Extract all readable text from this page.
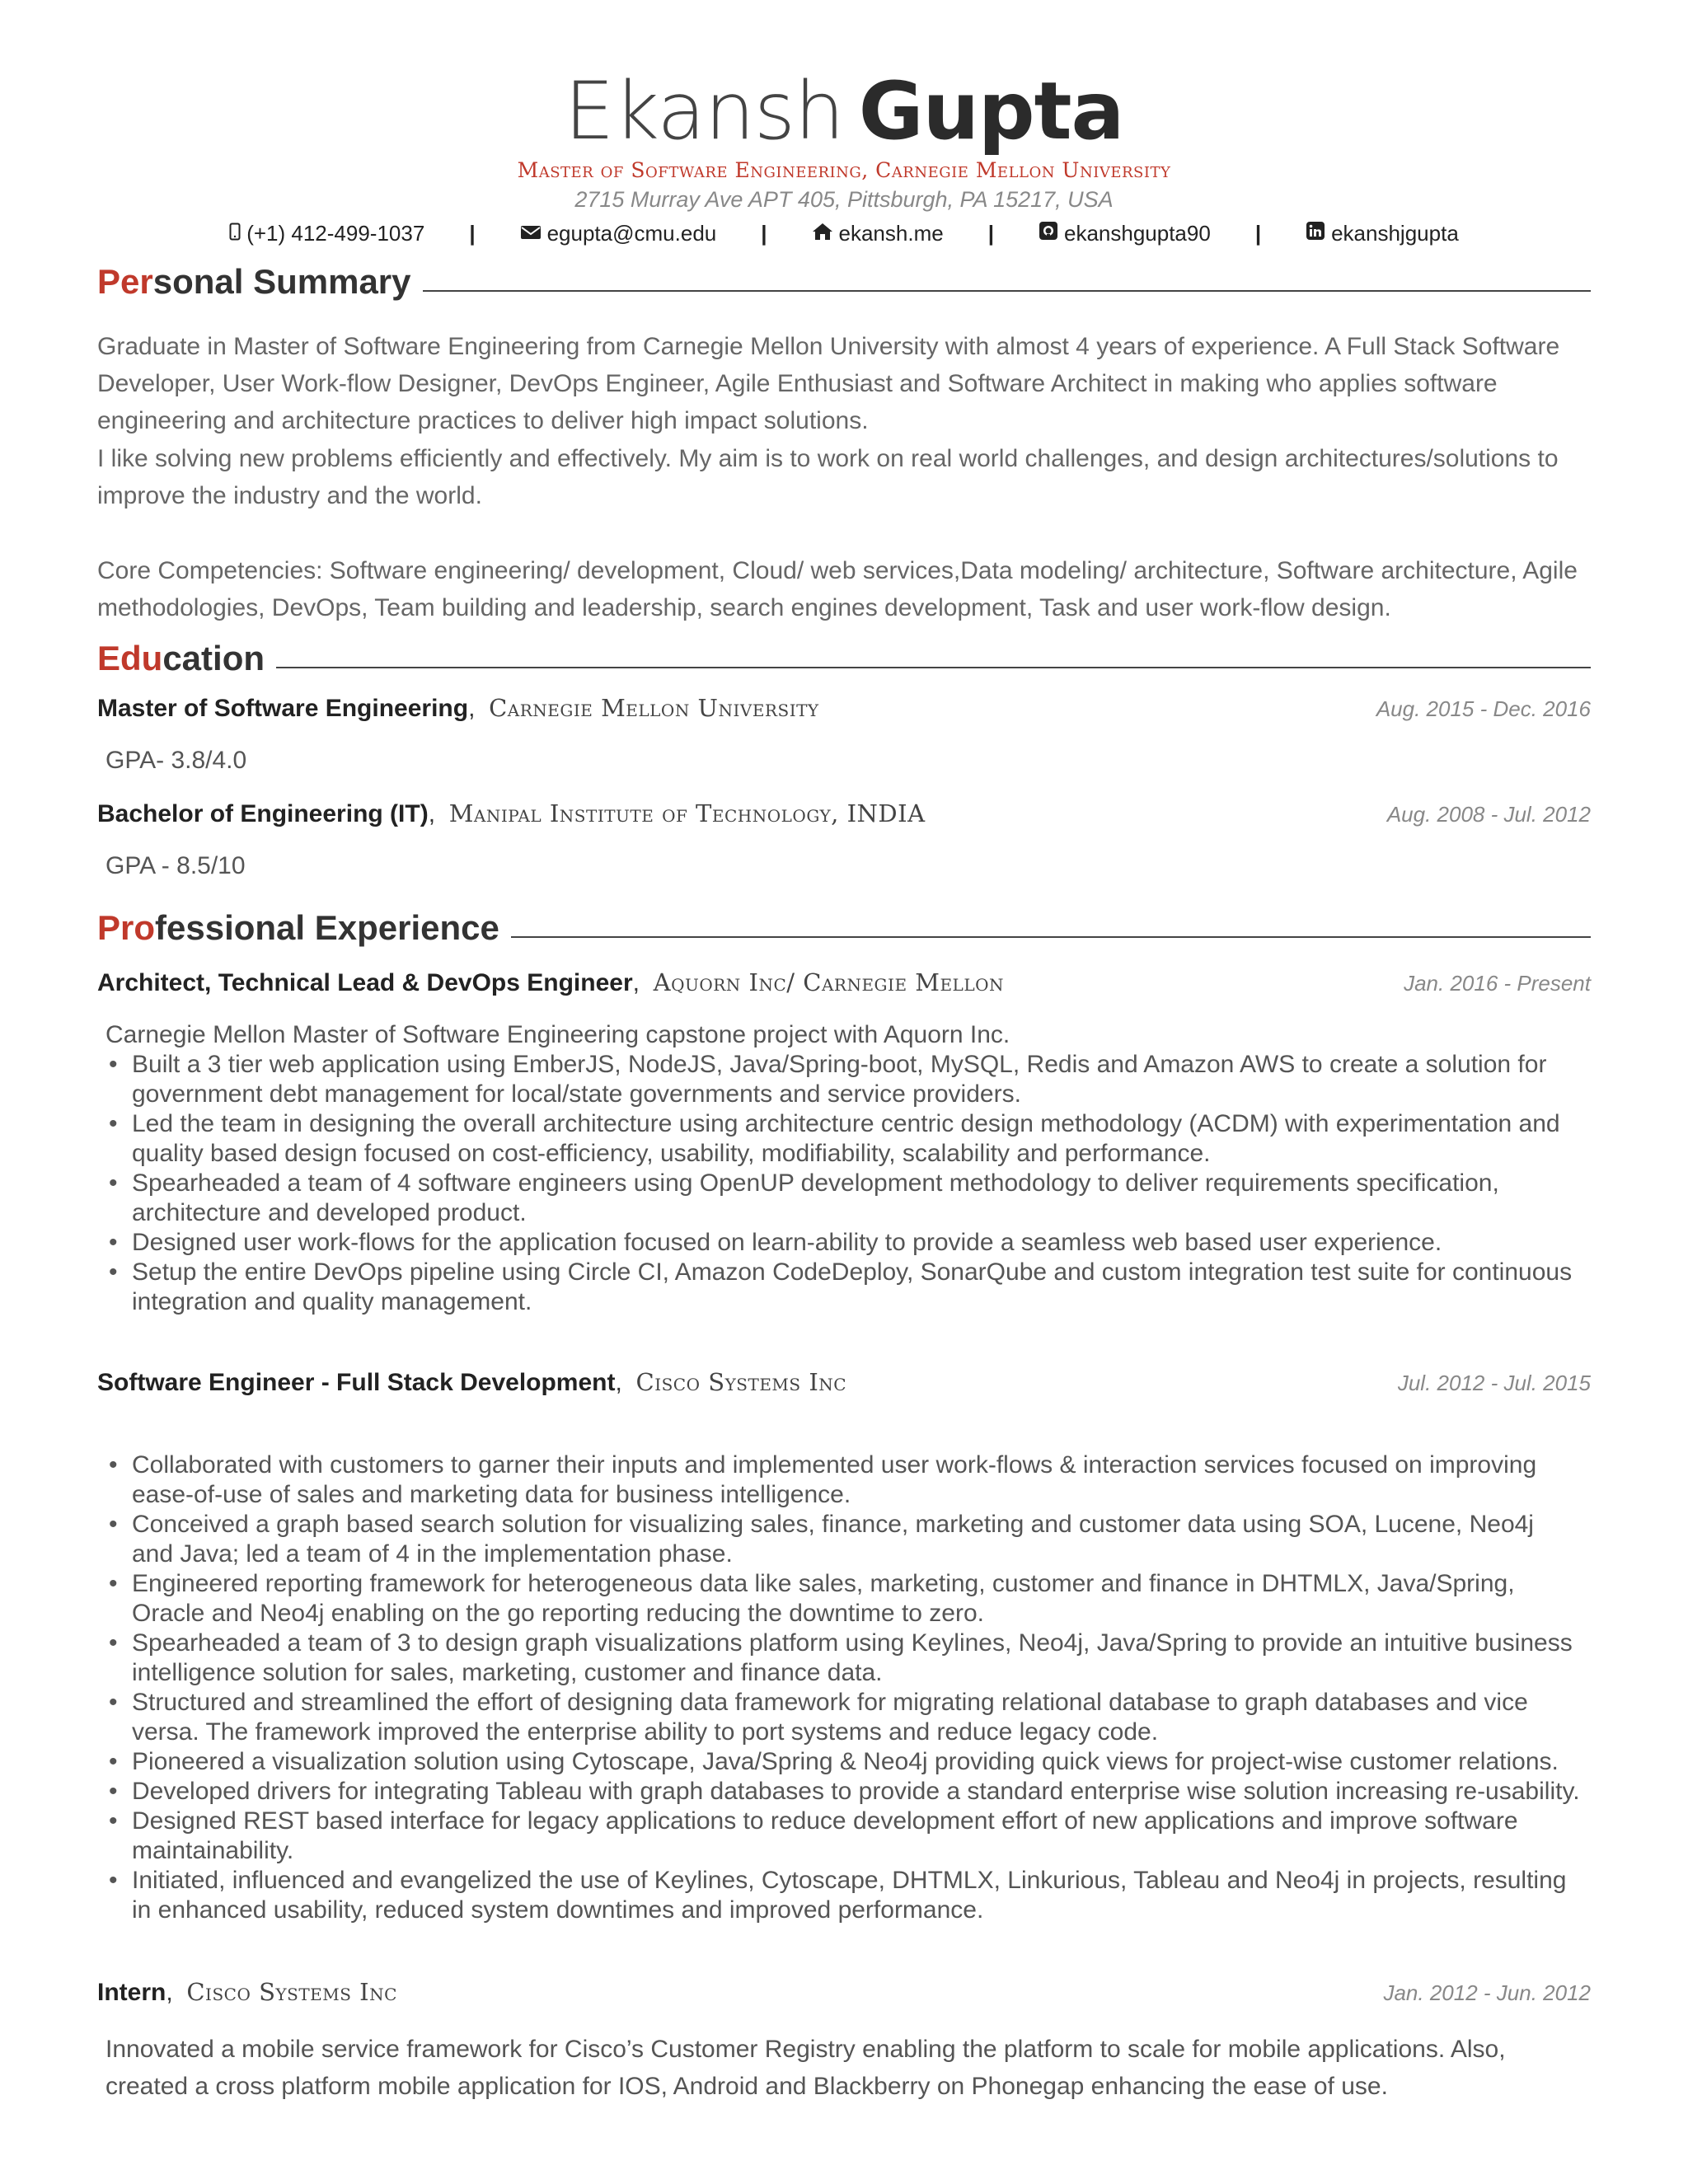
Ekansh Gupta
Master of Software Engineering, Carnegie Mellon University
2715 Murray Ave APT 405, Pittsburgh, PA 15217, USA
(+1) 412-499-1037 |	egupta@cmu.edu |	ekansh.me |	ekanshgupta90 |	ekanshjgupta
Per sonal Summary
Graduate in Master of Software Engineering from Carnegie Mellon University with almost 4 years of experience. A Full Stack Software Developer, User Work-flow Designer, DevOps Engineer, Agile Enthusiast and Software Architect in making who applies software engineering and architecture practices to deliver high impact solutions.
I like solving new problems efficiently and effectively. My aim is to work on real world challenges, and design architectures/solutions to improve the industry and the world.
Core Competencies: Software engineering/ development, Cloud/ web services,Data modeling/ architecture, Software architecture, Agile methodologies, DevOps, Team building and leadership, search engines development, Task and user work-flow design.
Edu cation
Master of Software Engineering,  Carnegie Mellon University	Aug. 2015 - Dec. 2016
GPA- 3.8/4.0
Bachelor of Engineering (IT),  Manipal Institute of Technology, INDIA	Aug. 2008 - Jul. 2012
GPA - 8.5/10
Pro fessional Experience
Architect, Technical Lead & DevOps Engineer,  Aquorn Inc/ Carnegie Mellon	Jan. 2016 - Present
Carnegie Mellon Master of Software Engineering capstone project with Aquorn Inc.
• Built a 3 tier web application using EmberJS, NodeJS, Java/Spring-boot, MySQL, Redis and Amazon AWS to create a solution for government debt management for local/state governments and service providers.
• Led the team in designing the overall architecture using architecture centric design methodology (ACDM) with experimentation and quality based design focused on cost-efficiency, usability, modifiability, scalability and performance.
• Spearheaded a team of 4 software engineers using OpenUP development methodology to deliver requirements specification, architecture and developed product.
• Designed user work-flows for the application focused on learn-ability to provide a seamless web based user experience.
• Setup the entire DevOps pipeline using Circle CI, Amazon CodeDeploy, SonarQube and custom integration test suite for continuous integration and quality management.
Software Engineer - Full Stack Development,  Cisco Systems Inc	Jul. 2012 - Jul. 2015
• Collaborated with customers to garner their inputs and implemented user work-flows & interaction services focused on improving ease-of-use of sales and marketing data for business intelligence.
• Conceived a graph based search solution for visualizing sales, finance, marketing and customer data using SOA, Lucene, Neo4j and Java; led a team of 4 in the implementation phase.
• Engineered reporting framework for heterogeneous data like sales, marketing, customer and finance in DHTMLX, Java/Spring, Oracle and Neo4j enabling on the go reporting reducing the downtime to zero.
• Spearheaded a team of 3 to design graph visualizations platform using Keylines, Neo4j, Java/Spring to provide an intuitive business intelligence solution for sales, marketing, customer and finance data.
• Structured and streamlined the effort of designing data framework for migrating relational database to graph databases and vice versa. The framework improved the enterprise ability to port systems and reduce legacy code.
• Pioneered a visualization solution using Cytoscape, Java/Spring & Neo4j providing quick views for project-wise customer relations.
• Developed drivers for integrating Tableau with graph databases to provide a standard enterprise wise solution increasing re-usability.
• Designed REST based interface for legacy applications to reduce development effort of new applications and improve software maintainability.
• Initiated, influenced and evangelized the use of Keylines, Cytoscape, DHTMLX, Linkurious, Tableau and Neo4j in projects, resulting in enhanced usability, reduced system downtimes and improved performance.
Intern,  Cisco Systems Inc	Jan. 2012 - Jun. 2012
Innovated a mobile service framework for Cisco’s Customer Registry enabling the platform to scale for mobile applications. Also, created a cross platform mobile application for IOS, Android and Blackberry on Phonegap enhancing the ease of use.
